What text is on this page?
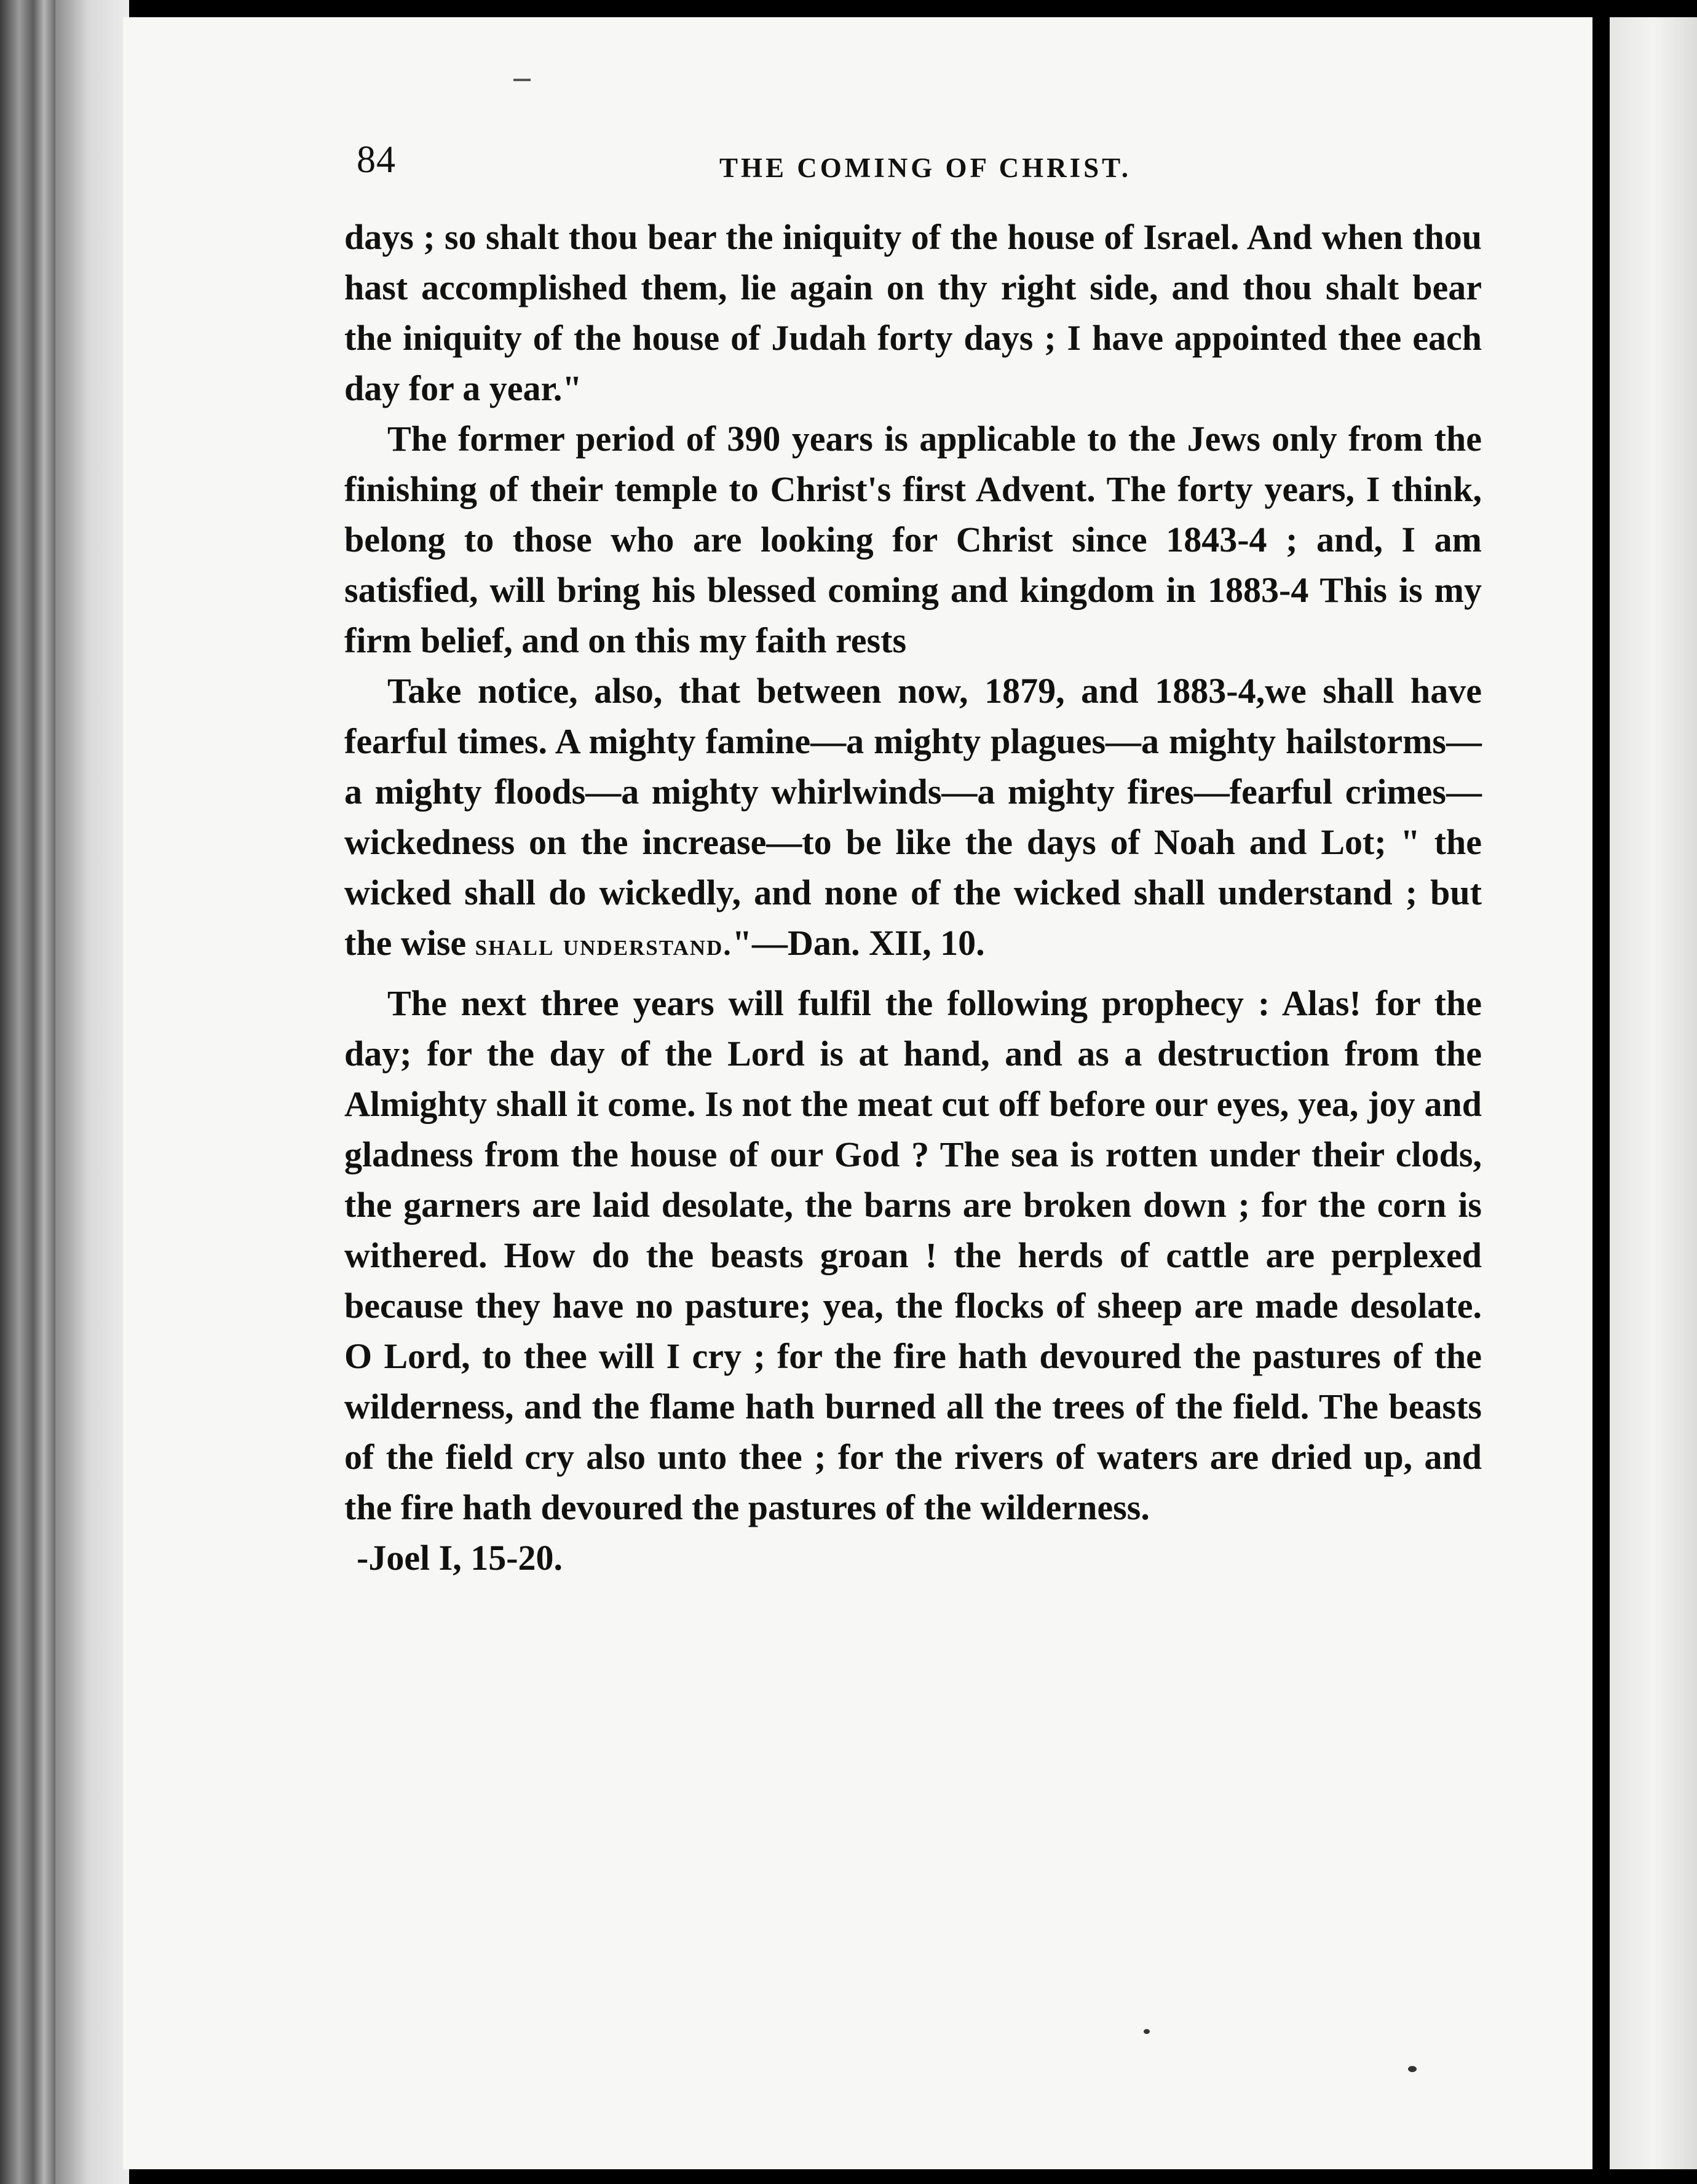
84	THE COMING OF CHRIST.

days ; so shalt thou bear the iniquity of the house of Israel. And when thou hast accomplished them, lie again on thy right side, and thou shalt bear the iniquity of the house of Judah forty days ; I have appointed thee each day for a year."

The former period of 390 years is applicable to the Jews only from the finishing of their temple to Christ's first Advent. The forty years, I think, belong to those who are looking for Christ since 1843-4 ; and, I am satisfied, will bring his blessed coming and kingdom in 1883-4 This is my firm belief, and on this my faith rests

Take notice, also, that between now, 1879, and 1883-4,we shall have fearful times. A mighty famine—a mighty plagues—a mighty hailstorms—a mighty floods—a mighty whirlwinds—a mighty fires—fearful crimes—wickedness on the increase—to be like the days of Noah and Lot; " the wicked shall do wickedly, and none of the wicked shall understand ; but the wise shall understand."—Dan. XII, 10.

The next three years will fulfil the following prophecy : Alas! for the day; for the day of the Lord is at hand, and as a destruction from the Almighty shall it come. Is not the meat cut off before our eyes, yea, joy and gladness from the house of our God ? The sea is rotten under their clods, the garners are laid desolate, the barns are broken down ; for the corn is withered. How do the beasts groan ! the herds of cattle are perplexed because they have no pasture; yea, the flocks of sheep are made desolate. O Lord, to thee will I cry ; for the fire hath devoured the pastures of the wilderness, and the flame hath burned all the trees of the field. The beasts of the field cry also unto thee ; for the rivers of waters are dried up, and the fire hath devoured the pastures of the wilderness.

-Joel I, 15-20.
